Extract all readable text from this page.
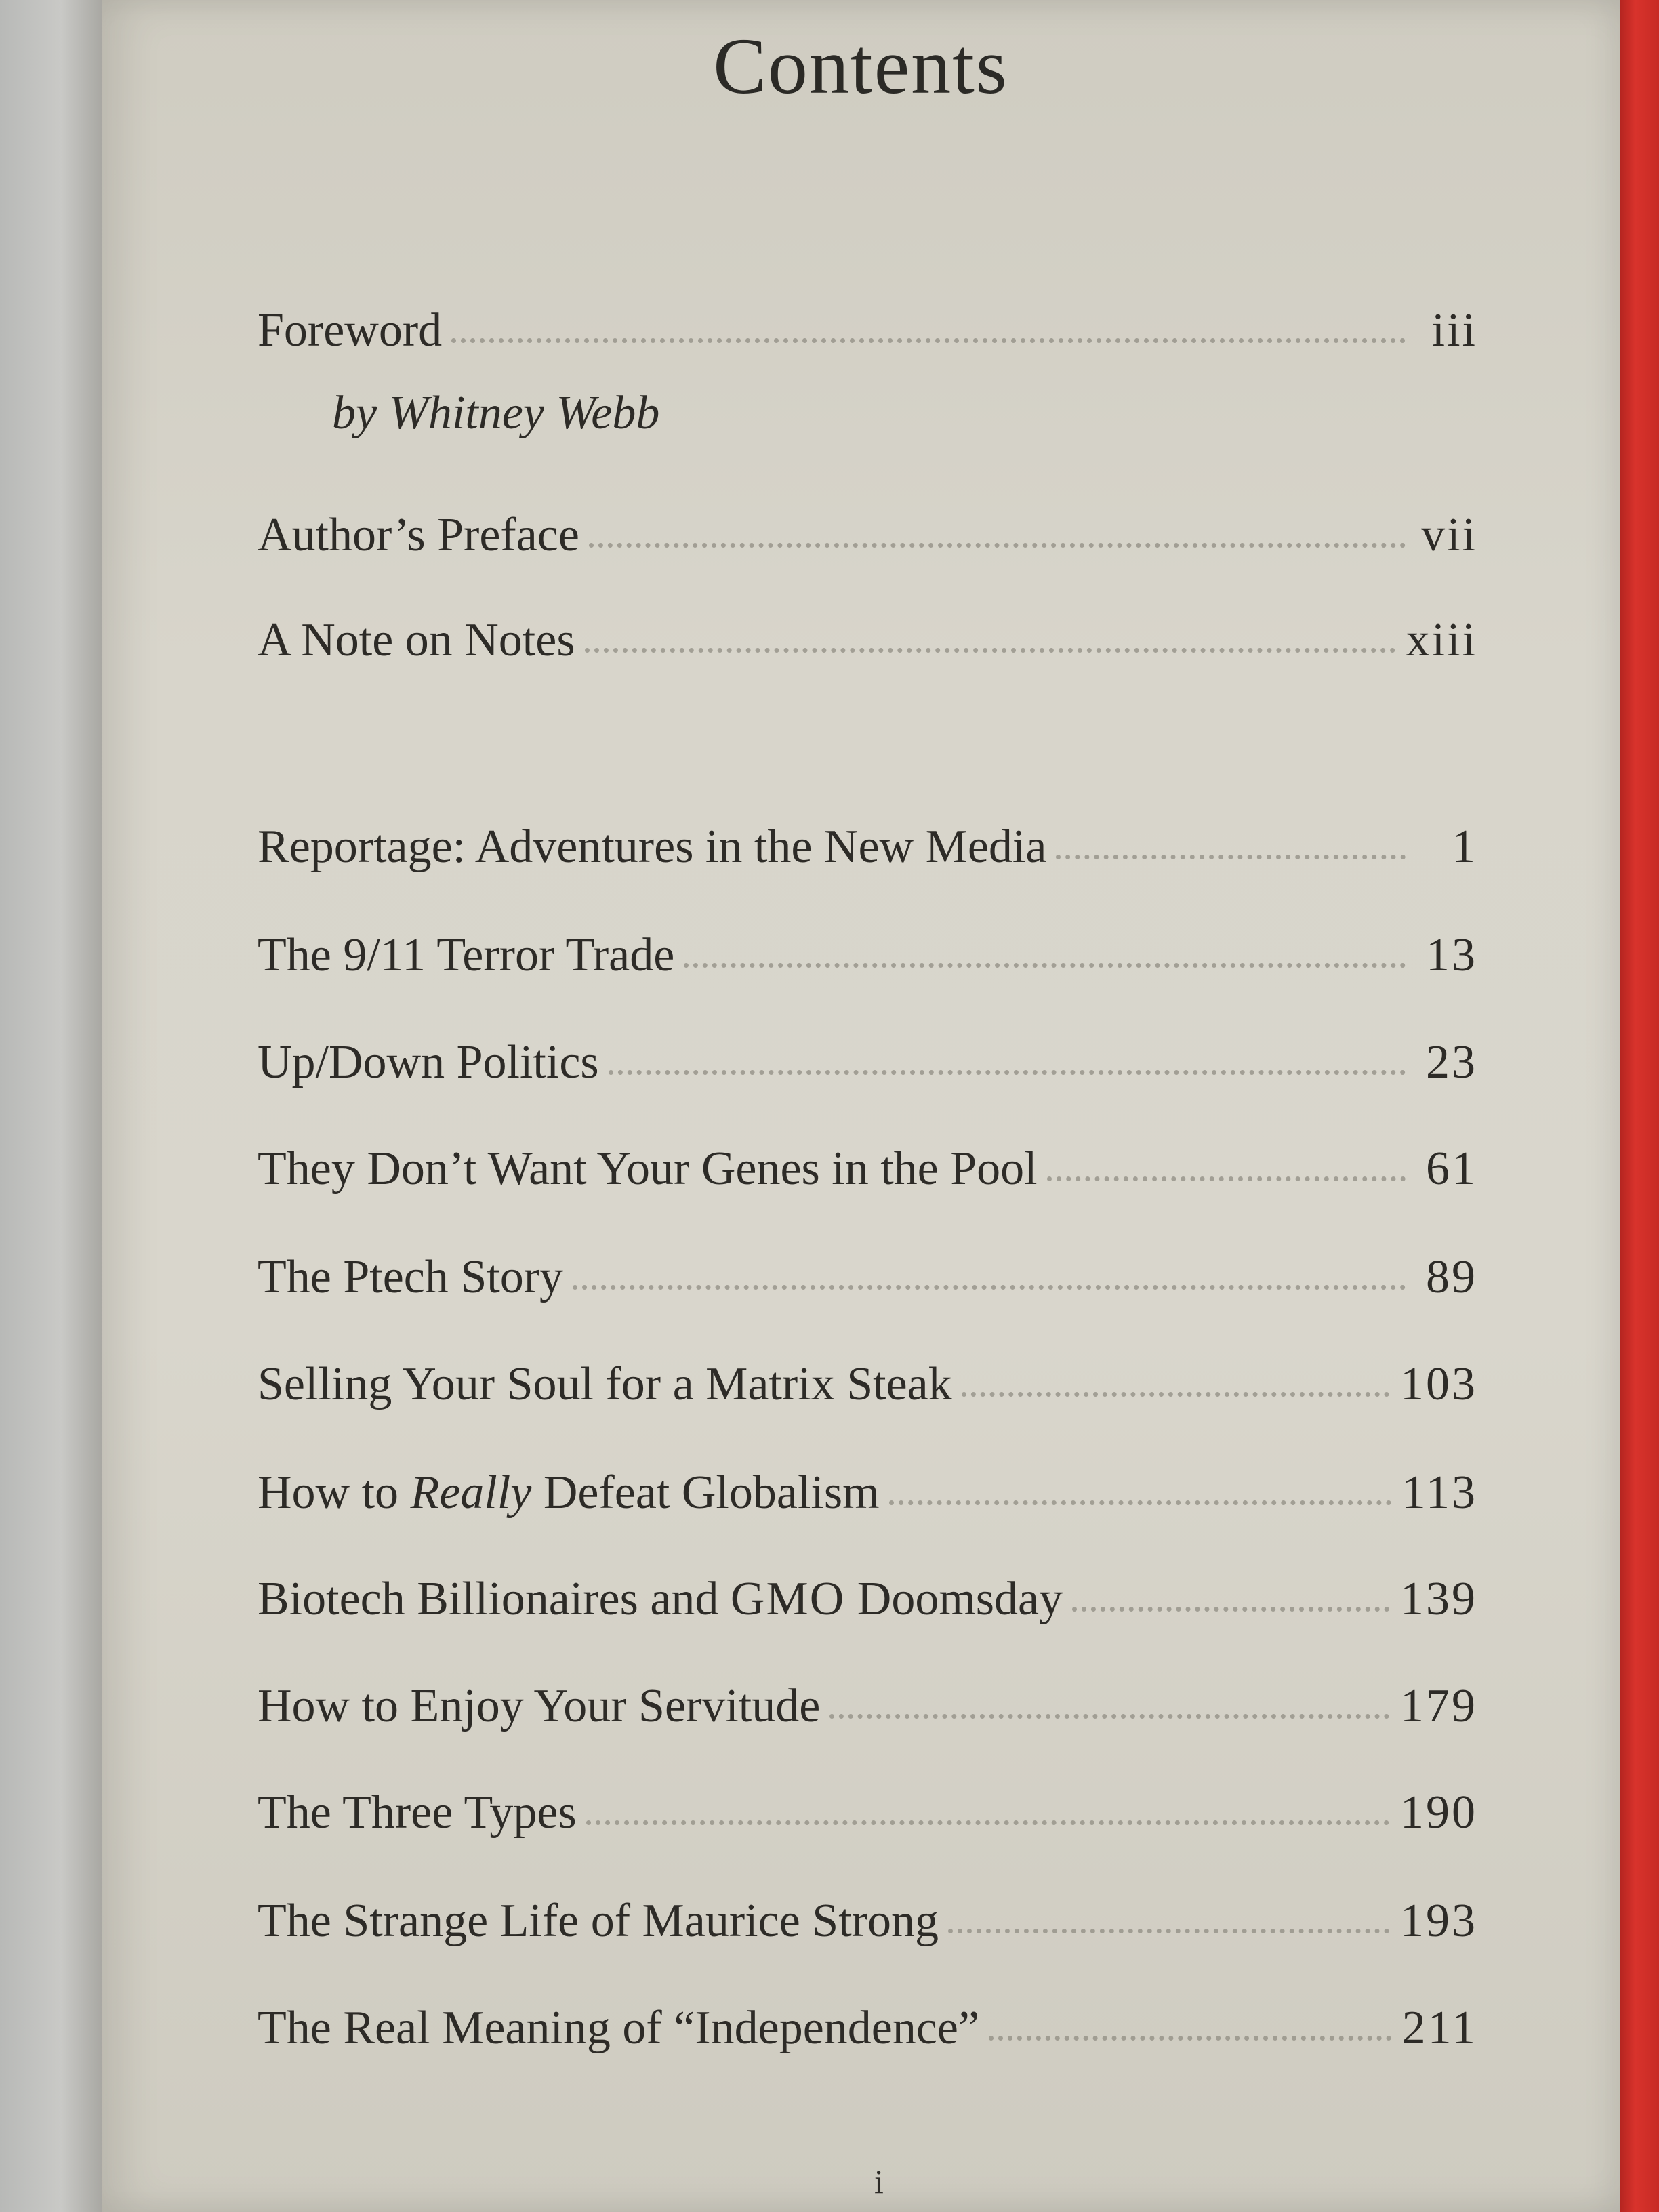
Contents
Foreword	iii
by Whitney Webb
Author’s Preface	vii
A Note on Notes	xiii
Reportage: Adventures in the New Media	1
The 9/11 Terror Trade	13
Up/Down Politics	23
They Don’t Want Your Genes in the Pool	61
The Ptech Story	89
Selling Your Soul for a Matrix Steak	103
How to Really Defeat Globalism	113
Biotech Billionaires and GMO Doomsday	139
How to Enjoy Your Servitude	179
The Three Types	190
The Strange Life of Maurice Strong	193
The Real Meaning of “Independence”	211
i
